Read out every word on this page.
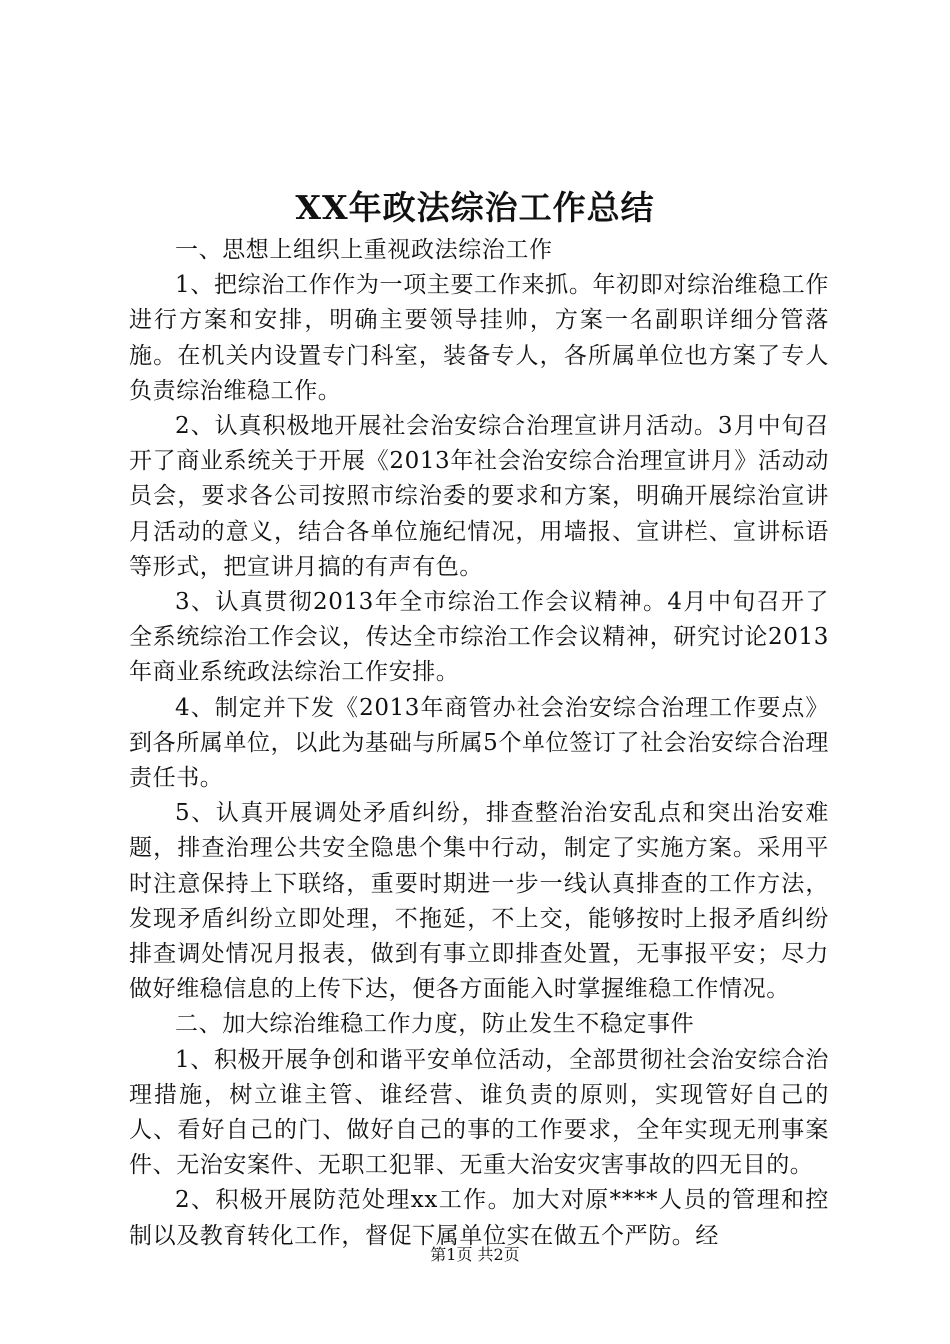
XX年政法综治工作总结

一、思想上组织上重视政法综治工作

1、把综治工作作为一项主要工作来抓。年初即对综治维稳工作进行方案和安排，明确主要领导挂帅，方案一名副职详细分管落施。在机关内设置专门科室，装备专人，各所属单位也方案了专人负责综治维稳工作。

2、认真积极地开展社会治安综合治理宣讲月活动。3月中旬召开了商业系统关于开展《2013年社会治安综合治理宣讲月》活动动员会，要求各公司按照市综治委的要求和方案，明确开展综治宣讲月活动的意义，结合各单位施纪情况，用墙报、宣讲栏、宣讲标语等形式，把宣讲月搞的有声有色。

3、认真贯彻2013年全市综治工作会议精神。4月中旬召开了全系统综治工作会议，传达全市综治工作会议精神，研究讨论2013年商业系统政法综治工作安排。

4、制定并下发《2013年商管办社会治安综合治理工作要点》到各所属单位，以此为基础与所属5个单位签订了社会治安综合治理责任书。

5、认真开展调处矛盾纠纷，排查整治治安乱点和突出治安难题，排查治理公共安全隐患个集中行动，制定了实施方案。采用平时注意保持上下联络，重要时期进一步一线认真排查的工作方法，发现矛盾纠纷立即处理，不拖延，不上交，能够按时上报矛盾纠纷排查调处情况月报表，做到有事立即排查处置，无事报平安；尽力做好维稳信息的上传下达，便各方面能入时掌握维稳工作情况。

二、加大综治维稳工作力度，防止发生不稳定事件

1、积极开展争创和谐平安单位活动，全部贯彻社会治安综合治理措施，树立谁主管、谁经营、谁负责的原则，实现管好自己的人、看好自己的门、做好自己的事的工作要求，全年实现无刑事案件、无治安案件、无职工犯罪、无重大治安灾害事故的四无目的。

2、积极开展防范处理xx工作。加大对原****人员的管理和控制以及教育转化工作，督促下属单位实在做五个严防。经

第1页 共2页
